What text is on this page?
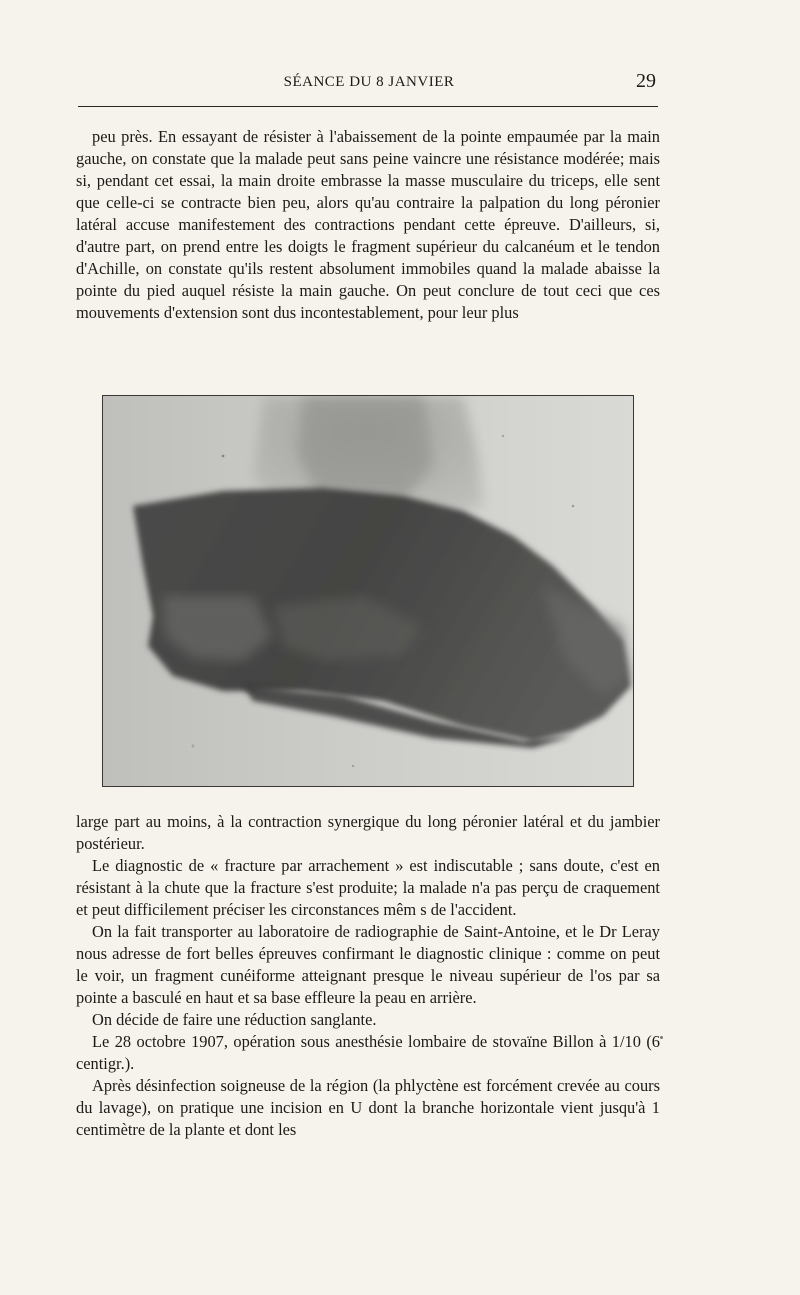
SÉANCE DU 8 JANVIER	29

peu près. En essayant de résister à l'abaissement de la pointe empaumée par la main gauche, on constate que la malade peut sans peine vaincre une résistance modérée; mais si, pendant cet essai, la main droite embrasse la masse musculaire du triceps, elle sent que celle-ci se contracte bien peu, alors qu'au contraire la palpation du long péronier latéral accuse manifestement des contractions pendant cette épreuve. D'ailleurs, si, d'autre part, on prend entre les doigts le fragment supérieur du calcanéum et le tendon d'Achille, on constate qu'ils restent absolument immobiles quand la malade abaisse la pointe du pied auquel résiste la main gauche. On peut conclure de tout ceci que ces mouvements d'extension sont dus incontestablement, pour leur plus

large part au moins, à la contraction synergique du long péronier latéral et du jambier postérieur.

Le diagnostic de « fracture par arrachement » est indiscutable ; sans doute, c'est en résistant à la chute que la fracture s'est produite; la malade n'a pas perçu de craquement et peut difficilement préciser les circonstances mêm s de l'accident.

On la fait transporter au laboratoire de radiographie de Saint-Antoine, et le Dr Leray nous adresse de fort belles épreuves confirmant le diagnostic clinique : comme on peut le voir, un fragment cunéiforme atteignant presque le niveau supérieur de l'os par sa pointe a basculé en haut et sa base effleure la peau en arrière.

On décide de faire une réduction sanglante.

Le 28 octobre 1907, opération sous anesthésie lombaire de stovaïne Billon à 1/10 (6 centigr.).

Après désinfection soigneuse de la région (la phlyctène est forcément crevée au cours du lavage), on pratique une incision en U dont la branche horizontale vient jusqu'à 1 centimètre de la plante et dont les
